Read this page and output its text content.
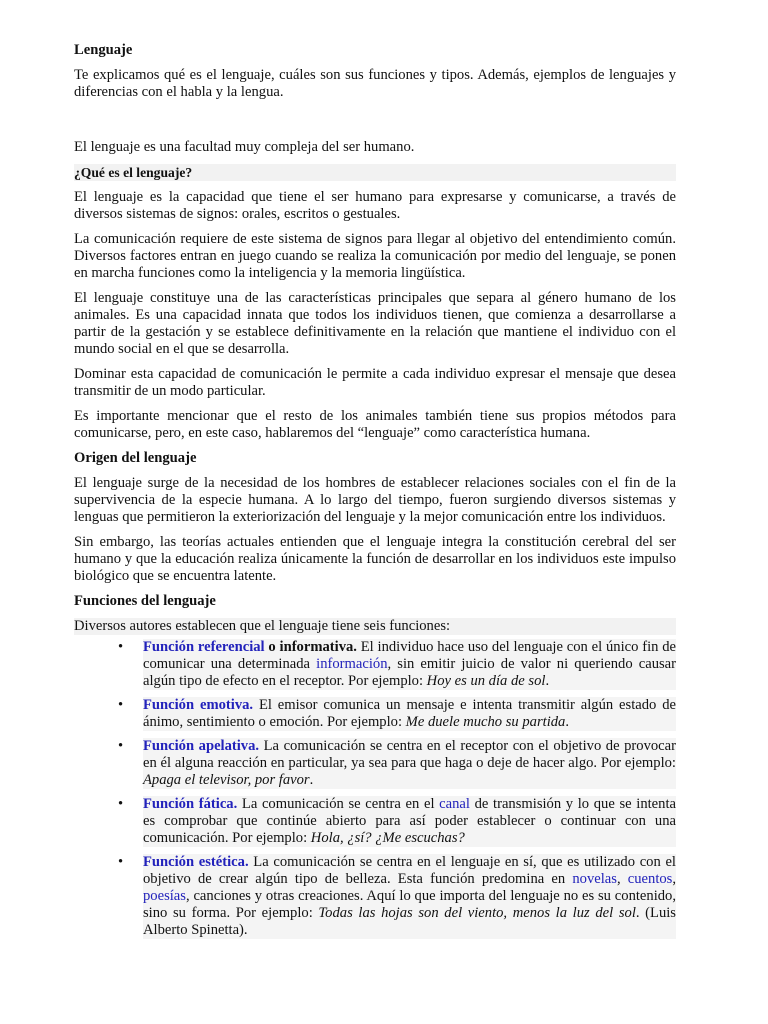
Lenguaje

Te explicamos qué es el lenguaje, cuáles son sus funciones y tipos. Además, ejemplos de lenguajes y diferencias con el habla y la lengua.

El lenguaje es una facultad muy compleja del ser humano.

¿Qué es el lenguaje?

El lenguaje es la capacidad que tiene el ser humano para expresarse y comunicarse, a través de diversos sistemas de signos: orales, escritos o gestuales.

La comunicación requiere de este sistema de signos para llegar al objetivo del entendimiento común. Diversos factores entran en juego cuando se realiza la comunicación por medio del lenguaje, se ponen en marcha funciones como la inteligencia y la memoria lingüística.

El lenguaje constituye una de las características principales que separa al género humano de los animales. Es una capacidad innata que todos los individuos tienen, que comienza a desarrollarse a partir de la gestación y se establece definitivamente en la relación que mantiene el individuo con el mundo social en el que se desarrolla.

Dominar esta capacidad de comunicación le permite a cada individuo expresar el mensaje que desea transmitir de un modo particular.

Es importante mencionar que el resto de los animales también tiene sus propios métodos para comunicarse, pero, en este caso, hablaremos del “lenguaje” como característica humana.

Origen del lenguaje

El lenguaje surge de la necesidad de los hombres de establecer relaciones sociales con el fin de la supervivencia de la especie humana. A lo largo del tiempo, fueron surgiendo diversos sistemas y lenguas que permitieron la exteriorización del lenguaje y la mejor comunicación entre los individuos.

Sin embargo, las teorías actuales entienden que el lenguaje integra la constitución cerebral del ser humano y que la educación realiza únicamente la función de desarrollar en los individuos este impulso biológico que se encuentra latente.

Funciones del lenguaje

Diversos autores establecen que el lenguaje tiene seis funciones:

• Función referencial o informativa. El individuo hace uso del lenguaje con el único fin de comunicar una determinada información, sin emitir juicio de valor ni queriendo causar algún tipo de efecto en el receptor. Por ejemplo: Hoy es un día de sol.
• Función emotiva. El emisor comunica un mensaje e intenta transmitir algún estado de ánimo, sentimiento o emoción. Por ejemplo: Me duele mucho su partida.
• Función apelativa. La comunicación se centra en el receptor con el objetivo de provocar en él alguna reacción en particular, ya sea para que haga o deje de hacer algo. Por ejemplo: Apaga el televisor, por favor.
• Función fática. La comunicación se centra en el canal de transmisión y lo que se intenta es comprobar que continúe abierto para así poder establecer o continuar con una comunicación. Por ejemplo: Hola, ¿sí? ¿Me escuchas?
• Función estética. La comunicación se centra en el lenguaje en sí, que es utilizado con el objetivo de crear algún tipo de belleza. Esta función predomina en novelas, cuentos, poesías, canciones y otras creaciones. Aquí lo que importa del lenguaje no es su contenido, sino su forma. Por ejemplo: Todas las hojas son del viento, menos la luz del sol. (Luis Alberto Spinetta).
